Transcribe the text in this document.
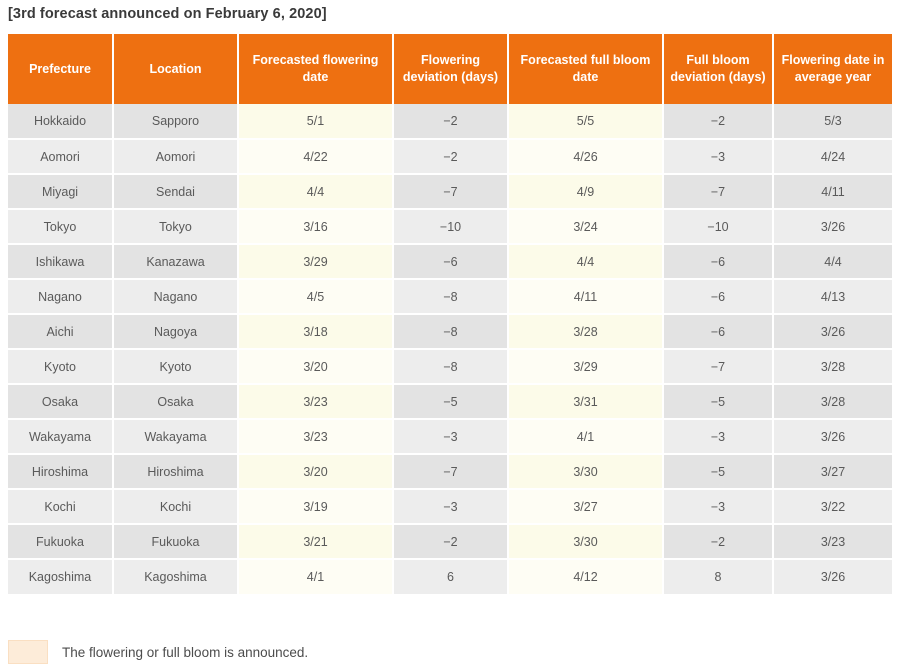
[3rd forecast announced on February 6, 2020]
Prefecture	Location	Forecasted flowering date	Flowering deviation (days)	Forecasted full bloom date	Full bloom deviation (days)	Flowering date in average year
Hokkaido	Sapporo	5/1	−2	5/5	−2	5/3
Aomori	Aomori	4/22	−2	4/26	−3	4/24
Miyagi	Sendai	4/4	−7	4/9	−7	4/11
Tokyo	Tokyo	3/16	−10	3/24	−10	3/26
Ishikawa	Kanazawa	3/29	−6	4/4	−6	4/4
Nagano	Nagano	4/5	−8	4/11	−6	4/13
Aichi	Nagoya	3/18	−8	3/28	−6	3/26
Kyoto	Kyoto	3/20	−8	3/29	−7	3/28
Osaka	Osaka	3/23	−5	3/31	−5	3/28
Wakayama	Wakayama	3/23	−3	4/1	−3	3/26
Hiroshima	Hiroshima	3/20	−7	3/30	−5	3/27
Kochi	Kochi	3/19	−3	3/27	−3	3/22
Fukuoka	Fukuoka	3/21	−2	3/30	−2	3/23
Kagoshima	Kagoshima	4/1	6	4/12	8	3/26
The flowering or full bloom is announced.
